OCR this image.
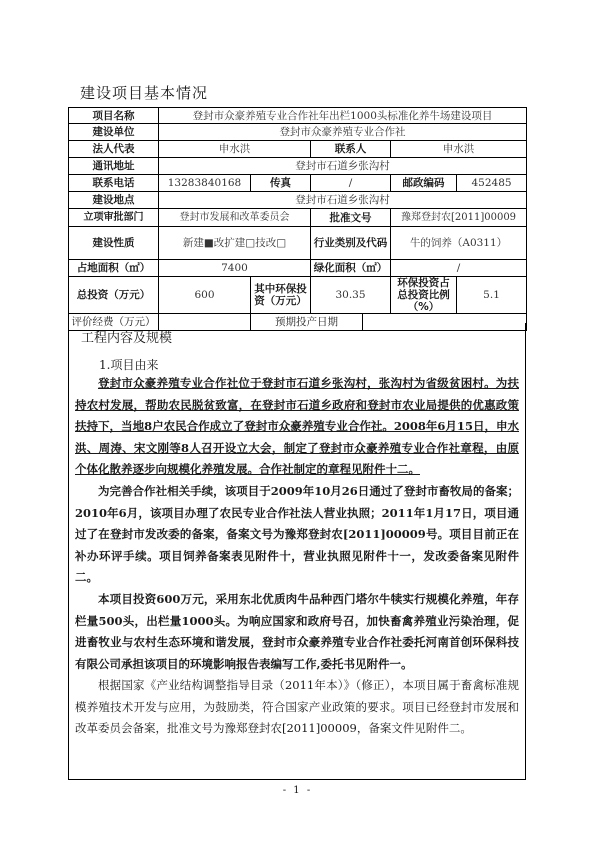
建设项目基本情况
项目名称	登封市众豪养殖专业合作社年出栏1000头标准化养牛场建设项目					
建设单位	登封市众豪养殖专业合作社					
法人代表	申水洪		联系人		申水洪	
通讯地址	登封市石道乡张沟村					
联系电话	13283840168	传真	/		邮政编码	452485
建设地点	登封市石道乡张沟村					
立项审批部门	登封市发展和改革委员会		批准文号		豫郑登封农[2011]00009	
建设性质	新建■改扩建□技改□		行业类别及代码		牛的饲养（A0311）	
占地面积（㎡）	7400		绿化面积（㎡）		/	
总投资（万元）	600	其中环保投资（万元）	30.35		环保投资占总投资比例（%）	5.1
评价经费（万元）		预期投产日期				
工程内容及规模
1.项目由来

登封市众豪养殖专业合作社位于登封市石道乡张沟村，张沟村为省级贫困村。为扶持农村发展，帮助农民脱贫致富，在登封市石道乡政府和登封市农业局提供的优惠政策扶持下，当地8户农民合作成立了登封市众豪养殖专业合作社。2008年6月15日，申水洪、周涛、宋文刚等8人召开设立大会，制定了登封市众豪养殖专业合作社章程，由原个体化散养逐步向规模化养殖发展。合作社制定的章程见附件十二。

为完善合作社相关手续，该项目于2009年10月26日通过了登封市畜牧局的备案；2010年6月，该项目办理了农民专业合作社法人营业执照；2011年1月17日，项目通过了在登封市发改委的备案，备案文号为豫郑登封农[2011]00009号。项目目前正在补办环评手续。项目饲养备案表见附件十，营业执照见附件十一，发改委备案见附件二。

本项目投资600万元，采用东北优质肉牛品种西门塔尔牛犊实行规模化养殖，年存栏量500头，出栏量1000头。为响应国家和政府号召，加快畜禽养殖业污染治理，促进畜牧业与农村生态环境和谐发展，登封市众豪养殖专业合作社委托河南首创环保科技有限公司承担该项目的环境影响报告表编写工作,委托书见附件一。

根据国家《产业结构调整指导目录（2011年本）》（修正），本项目属于畜禽标准规模养殖技术开发与应用，为鼓励类，符合国家产业政策的要求。项目已经登封市发展和改革委员会备案，批准文号为豫郑登封农[2011]00009，备案文件见附件二。

- 1 -
